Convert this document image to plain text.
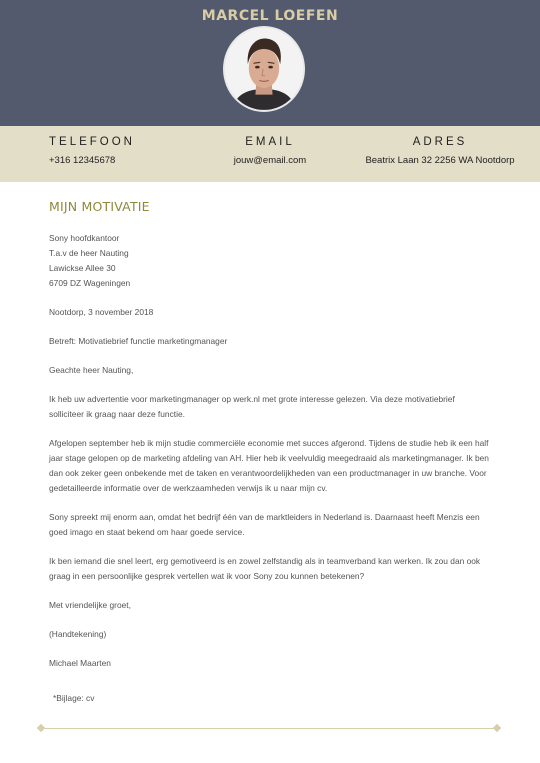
MARCEL LOEFEN
TELEFOON
+316 12345678
EMAIL
jouw@email.com
ADRES
Beatrix Laan 32 2256 WA Nootdorp
MIJN MOTIVATIE
Sony hoofdkantoor
T.a.v de heer Nauting
Lawickse Allee 30
6709 DZ Wageningen
Nootdorp, 3 november 2018
Betreft: Motivatiebrief functie marketingmanager
Geachte heer Nauting,
Ik heb uw advertentie voor marketingmanager op werk.nl met grote interesse gelezen. Via deze motivatiebrief solliciteer ik graag naar deze functie.
Afgelopen september heb ik mijn studie commerciële economie met succes afgerond. Tijdens de studie heb ik een half jaar stage gelopen op de marketing afdeling van AH. Hier heb ik veelvuldig meegedraaid als marketingmanager. Ik ben dan ook zeker geen onbekende met de taken en verantwoordelijkheden van een productmanager in uw branche. Voor gedetailleerde informatie over de werkzaamheden verwijs ik u naar mijn cv.
Sony spreekt mij enorm aan, omdat het bedrijf één van de marktleiders in Nederland is. Daarnaast heeft Menzis een goed imago en staat bekend om haar goede service.
Ik ben iemand die snel leert, erg gemotiveerd is en zowel zelfstandig als in teamverband kan werken. Ik zou dan ook graag in een persoonlijke gesprek vertellen wat ik voor Sony zou kunnen betekenen?
Met vriendelijke groet,
(Handtekening)
Michael Maarten
*Bijlage: cv
